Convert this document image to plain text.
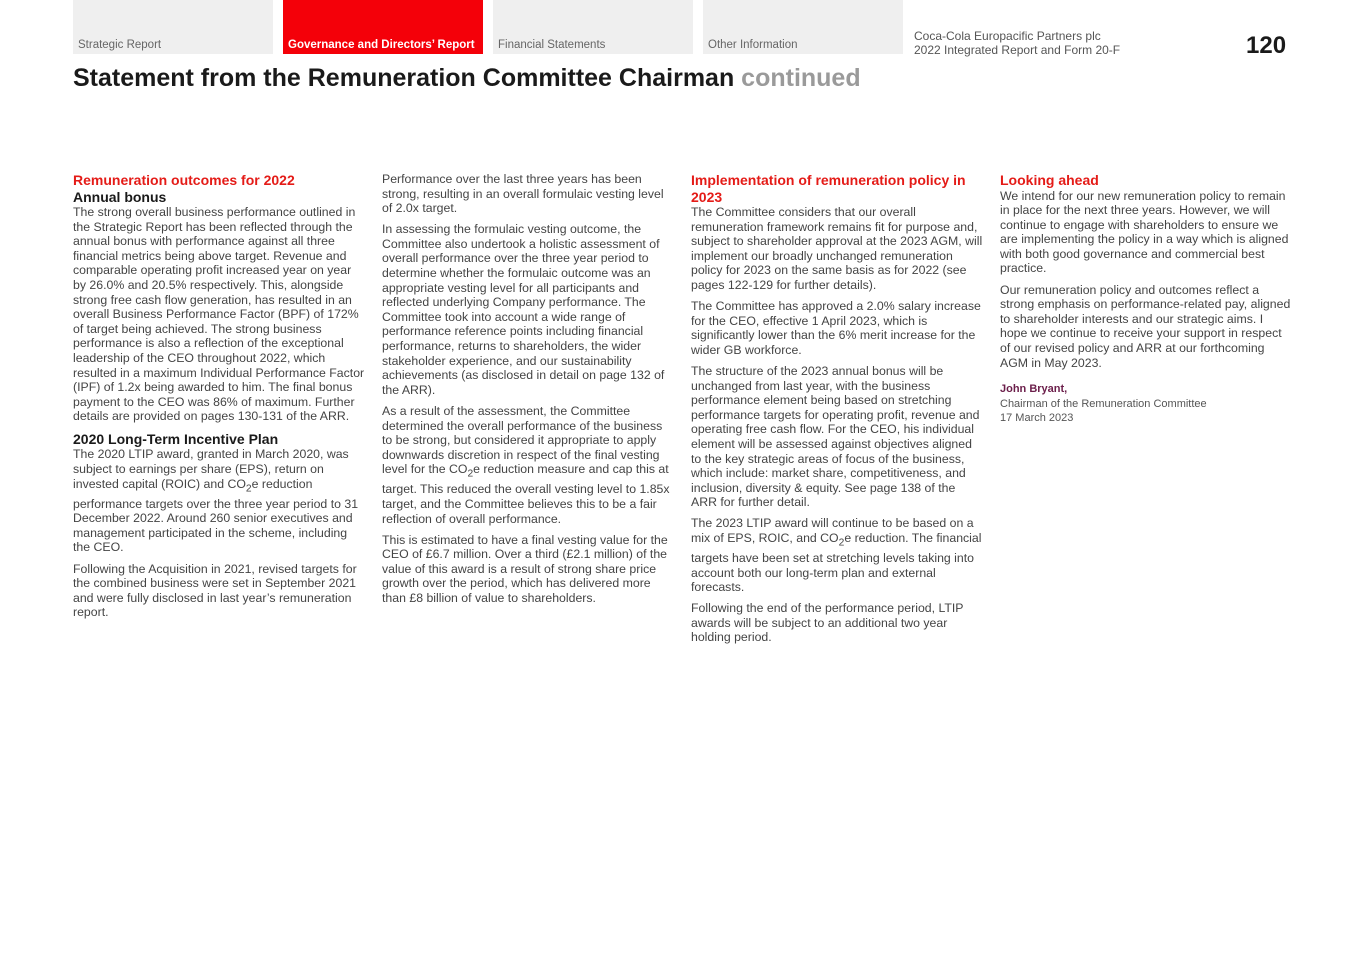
Strategic Report	Governance and Directors’ Report Financial Statements	Other Information
Coca-Cola Europacific Partners plc
2022 Integrated Report and Form 20-F	120
Statement from the Remuneration Committee Chairman continued
Remuneration outcomes for 2022
Annual bonus

The strong overall business performance outlined in the Strategic Report has been reflected through the annual bonus with performance against all three financial metrics being above target. Revenue and comparable operating profit increased year on year by 26.0% and 20.5% respectively. This, alongside strong free cash flow generation, has resulted in an overall Business Performance Factor (BPF) of 172% of target being achieved. The strong business performance is also a reflection of the exceptional leadership of the CEO throughout 2022, which resulted in a maximum Individual Performance Factor (IPF) of 1.2x being awarded to him. The final bonus payment to the CEO was 86% of maximum. Further details are provided on pages 130-131 of the ARR.

2020 Long-Term Incentive Plan

The 2020 LTIP award, granted in March 2020, was subject to earnings per share (EPS), return on invested capital (ROIC) and $CO_2e$ reduction performance targets over the three year period to 31 December 2022. Around 260 senior executives and management participated in the scheme, including the CEO.

Following the Acquisition in 2021, revised targets for the combined business were set in September 2021 and were fully disclosed in last year’s remuneration report.

Performance over the last three years has been strong, resulting in an overall formulaic vesting level of 2.0x target.

In assessing the formulaic vesting outcome, the Committee also undertook a holistic assessment of overall performance over the three year period to determine whether the formulaic outcome was an appropriate vesting level for all participants and reflected underlying Company performance. The Committee took into account a wide range of performance reference points including financial performance, returns to shareholders, the wider stakeholder experience, and our sustainability achievements (as disclosed in detail on page 132 of the ARR).

As a result of the assessment, the Committee determined the overall performance of the business to be strong, but considered it appropriate to apply downwards discretion in respect of the final vesting level for the $CO_2e$ reduction measure and cap this at target. This reduced the overall vesting level to 1.85x target, and the Committee believes this to be a fair reflection of overall performance.

This is estimated to have a final vesting value for the CEO of £6.7 million. Over a third (£2.1 million) of the value of this award is a result of strong share price growth over the period, which has delivered more than £8 billion of value to shareholders.

Implementation of remuneration policy in 2023

The Committee considers that our overall remuneration framework remains fit for purpose and, subject to shareholder approval at the 2023 AGM, will implement our broadly unchanged remuneration policy for 2023 on the same basis as for 2022 (see pages 122-129 for further details).

The Committee has approved a 2.0% salary increase for the CEO, effective 1 April 2023, which is significantly lower than the 6% merit increase for the wider GB workforce.

The structure of the 2023 annual bonus will be unchanged from last year, with the business performance element being based on stretching performance targets for operating profit, revenue and operating free cash flow. For the CEO, his individual element will be assessed against objectives aligned to the key strategic areas of focus of the business, which include: market share, competitiveness, and inclusion, diversity & equity. See page 138 of the ARR for further detail.

The 2023 LTIP award will continue to be based on a mix of EPS, ROIC, and $CO_2e$ reduction. The financial targets have been set at stretching levels taking into account both our long-term plan and external forecasts.

Following the end of the performance period, LTIP awards will be subject to an additional two year holding period.

Looking ahead

We intend for our new remuneration policy to remain in place for the next three years. However, we will continue to engage with shareholders to ensure we are implementing the policy in a way which is aligned with both good governance and commercial best practice.

Our remuneration policy and outcomes reflect a strong emphasis on performance-related pay, aligned to shareholder interests and our strategic aims. I hope we continue to receive your support in respect of our revised policy and ARR at our forthcoming AGM in May 2023.

John Bryant,
Chairman of the Remuneration Committee
17 March 2023
